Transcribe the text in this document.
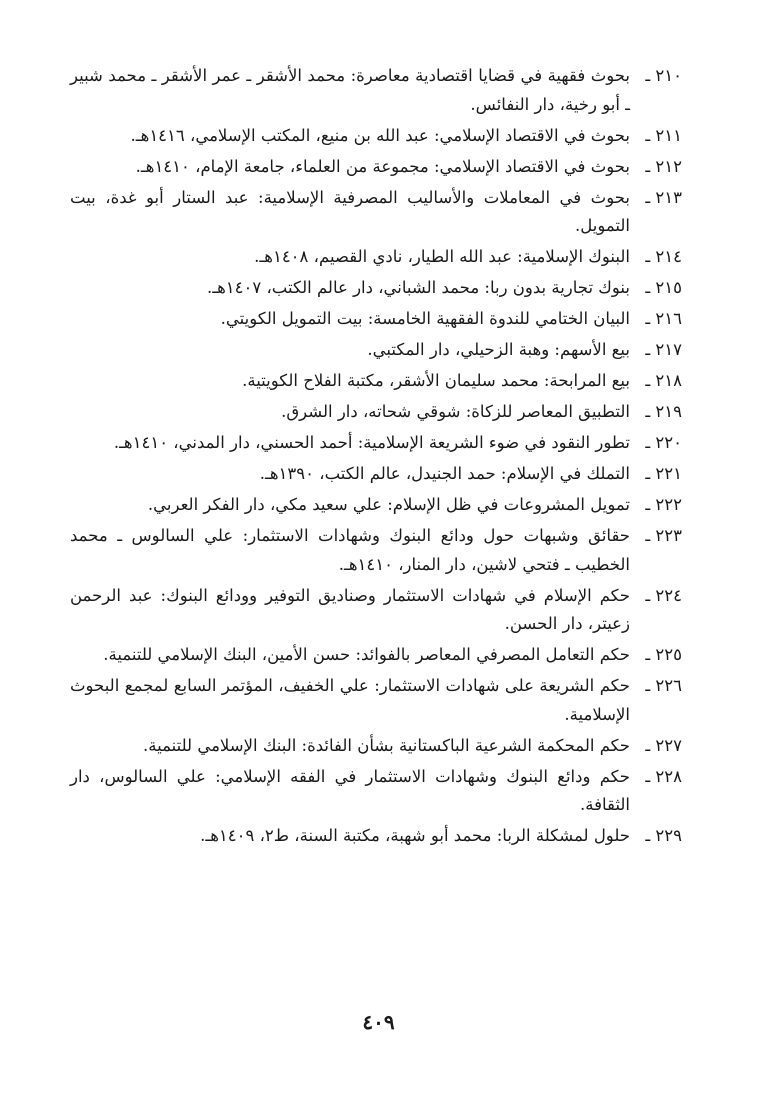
٢١٠ ـ
بحوث فقهية في قضايا اقتصادية معاصرة: محمد الأشقر ـ عمر الأشقر ـ محمد شبير ـ أبو رخية، دار النفائس.
٢١١ ـ
بحوث في الاقتصاد الإسلامي: عبد الله بن منيع، المكتب الإسلامي، ١٤١٦هـ.
٢١٢ ـ
بحوث في الاقتصاد الإسلامي: مجموعة من العلماء، جامعة الإمام، ١٤١٠هـ.
٢١٣ ـ
بحوث في المعاملات والأساليب المصرفية الإسلامية: عبد الستار أبو غدة، بيت التمويل.
٢١٤ ـ
البنوك الإسلامية: عبد الله الطيار، نادي القصيم، ١٤٠٨هـ.
٢١٥ ـ
بنوك تجارية بدون ربا: محمد الشباني، دار عالم الكتب، ١٤٠٧هـ.
٢١٦ ـ
البيان الختامي للندوة الفقهية الخامسة: بيت التمويل الكويتي.
٢١٧ ـ
بيع الأسهم: وهبة الزحيلي، دار المكتبي.
٢١٨ ـ
بيع المرابحة: محمد سليمان الأشقر، مكتبة الفلاح الكويتية.
٢١٩ ـ
التطبيق المعاصر للزكاة: شوقي شحاته، دار الشرق.
٢٢٠ ـ
تطور النقود في ضوء الشريعة الإسلامية: أحمد الحسني، دار المدني، ١٤١٠هـ.
٢٢١ ـ
التملك في الإسلام: حمد الجنيدل، عالم الكتب، ١٣٩٠هـ.
٢٢٢ ـ
تمويل المشروعات في ظل الإسلام: علي سعيد مكي، دار الفكر العربي.
٢٢٣ ـ
حقائق وشبهات حول ودائع البنوك وشهادات الاستثمار: علي السالوس ـ محمد الخطيب ـ فتحي لاشين، دار المنار، ١٤١٠هـ.
٢٢٤ ـ
حكم الإسلام في شهادات الاستثمار وصناديق التوفير وودائع البنوك: عبد الرحمن زعيتر، دار الحسن.
٢٢٥ ـ
حكم التعامل المصرفي المعاصر بالفوائد: حسن الأمين، البنك الإسلامي للتنمية.
٢٢٦ ـ
حكم الشريعة على شهادات الاستثمار: علي الخفيف، المؤتمر السابع لمجمع البحوث الإسلامية.
٢٢٧ ـ
حكم المحكمة الشرعية الباكستانية بشأن الفائدة: البنك الإسلامي للتنمية.
٢٢٨ ـ
حكم ودائع البنوك وشهادات الاستثمار في الفقه الإسلامي: علي السالوس، دار الثقافة.
٢٢٩ ـ
حلول لمشكلة الربا: محمد أبو شهبة، مكتبة السنة، ط٢، ١٤٠٩هـ.
٤٠٩
